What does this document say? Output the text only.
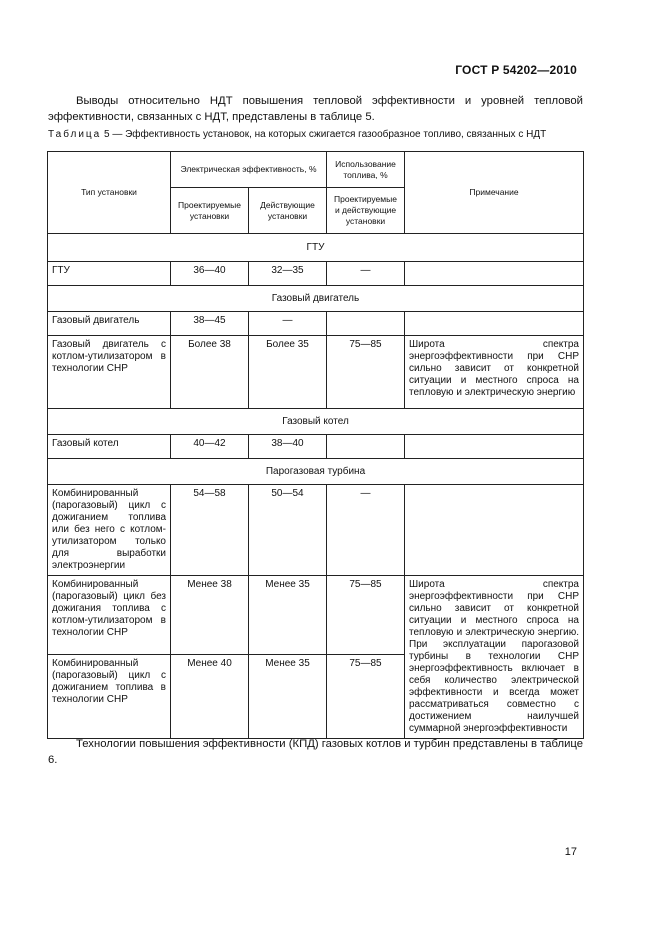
ГОСТ Р 54202—2010

Выводы относительно НДТ повышения тепловой эффективности и уровней тепловой эффективности, связанных с НДТ, представлены в таблице 5.

Таблица 5 — Эффективность установок, на которых сжигается газообразное топливо, связанных с НДТ
Тип установки	Электрическая эффективность, %		Использование топлива, %	Примечание
	Проектируемые установки	Действующие установки	Проектируемые и действующие установки	
ГТУ				
ГТУ	36—40	32—35	—	
Газовый двигатель				
Газовый двигатель	38—45	—		
Газовый двигатель с котлом-утилизатором в технологии CHP	Более 38	Более 35	75—85	Широта спектра энергоэффективности при CHP сильно зависит от конкретной ситуации и местного спроса на тепловую и электрическую энергию
Газовый котел				
Газовый котел	40—42	38—40		
Парогазовая турбина				
Комбинированный (парогазовый) цикл с дожиганием топлива или без него с котлом-утилизатором только для выработки электроэнергии	54—58	50—54	—	
Комбинированный (парогазовый) цикл без дожигания топлива с котлом-утилизатором в технологии CHP	Менее 38	Менее 35	75—85	Широта спектра энергоэффективности при CHP сильно зависит от конкретной ситуации и местного спроса на тепловую и электрическую энергию. При эксплуатации парогазовой турбины в технологии CHP энергоэффективность включает в себя количество электрической эффективности и всегда может рассматриваться совместно с достижением наилучшей суммарной энергоэффективности
Комбинированный (парогазовый) цикл с дожиганием топлива в технологии CHP	Менее 40	Менее 35	75—85	

Технологии повышения эффективности (КПД) газовых котлов и турбин представлены в таблице 6.

17
